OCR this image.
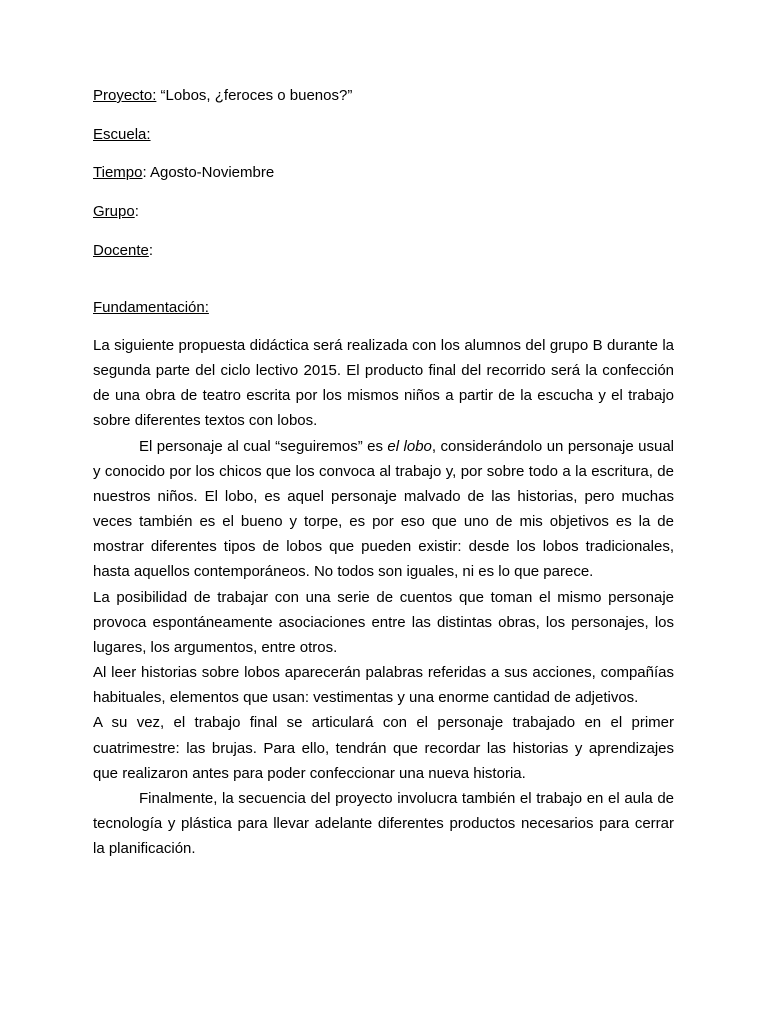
Proyecto: “Lobos, ¿feroces o buenos?”
Escuela:
Tiempo: Agosto-Noviembre
Grupo:
Docente:
Fundamentación:

La siguiente propuesta didáctica será realizada con los alumnos del grupo B durante la segunda parte del ciclo lectivo 2015. El producto final del recorrido será la confección de una obra de teatro escrita por los mismos niños a partir de la escucha y el trabajo sobre diferentes textos con lobos.

El personaje al cual “seguiremos” es el lobo, considerándolo un personaje usual y conocido por los chicos que los convoca al trabajo y, por sobre todo a la escritura, de nuestros niños. El lobo, es aquel personaje malvado de las historias, pero muchas veces también es el bueno y torpe, es por eso que uno de mis objetivos es la de mostrar diferentes tipos de lobos que pueden existir: desde los lobos tradicionales, hasta aquellos contemporáneos. No todos son iguales, ni es lo que parece.

La posibilidad de trabajar con una serie de cuentos que toman el mismo personaje provoca espontáneamente asociaciones entre las distintas obras, los personajes, los lugares, los argumentos, entre otros.

Al leer historias sobre lobos aparecerán palabras referidas a sus acciones, compañías habituales, elementos que usan: vestimentas y una enorme cantidad de adjetivos.

A su vez, el trabajo final se articulará con el personaje trabajado en el primer cuatrimestre: las brujas. Para ello, tendrán que recordar las historias y aprendizajes que realizaron antes para poder confeccionar una nueva historia.

Finalmente, la secuencia del proyecto involucra también el trabajo en el aula de tecnología y plástica para llevar adelante diferentes productos necesarios para cerrar la planificación.
